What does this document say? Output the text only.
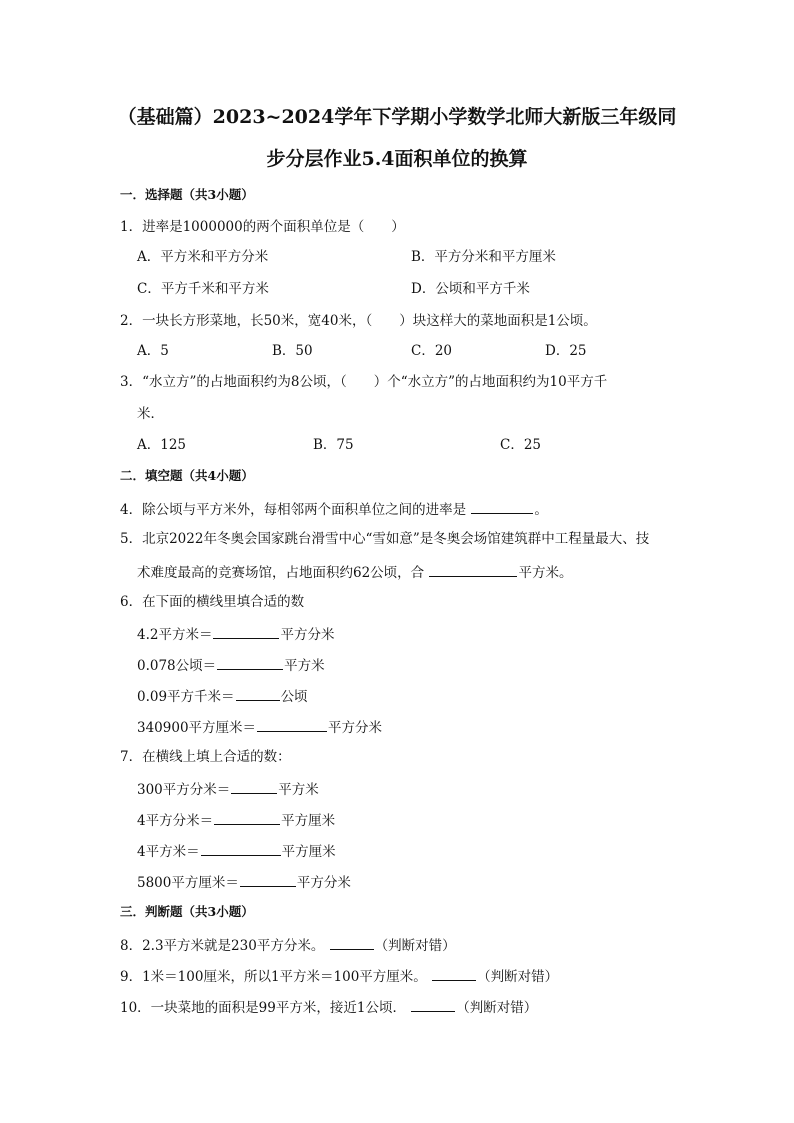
（基础篇）2023~2024学年下学期小学数学北师大新版三年级同
步分层作业5.4面积单位的换算
一．选择题（共3小题）
1．进率是1000000的两个面积单位是（　　）
A．平方米和平方分米	B．平方分米和平方厘米
C．平方千米和平方米	D．公顷和平方千米
2．一块长方形菜地，长50米，宽40米，（　　）块这样大的菜地面积是1公顷。
A．5	B．50	C．20	D．25
3．“水立方”的占地面积约为8公顷，（　　）个“水立方”的占地面积约为10平方千
米．
A．125	B．75	C．25
二．填空题（共4小题）
4．除公顷与平方米外，每相邻两个面积单位之间的进率是	。
5．北京2022年冬奥会国家跳台滑雪中心“雪如意”是冬奥会场馆建筑群中工程量最大、技
术难度最高的竞赛场馆，占地面积约62公顷，合	平方米。
6．在下面的横线里填合适的数
4.2平方米＝	平方分米
0.078公顷＝	平方米
0.09平方千米＝	公顷
340900平方厘米＝	平方分米
7．在横线上填上合适的数：
300平方分米＝	平方米
4平方分米＝	平方厘米
4平方米＝	平方厘米
5800平方厘米＝	平方分米
三．判断题（共3小题）
8．2.3平方米就是230平方分米。	（判断对错）
9．1米＝100厘米，所以1平方米＝100平方厘米。	（判断对错）
10．一块菜地的面积是99平方米，接近1公顷．	（判断对错）
